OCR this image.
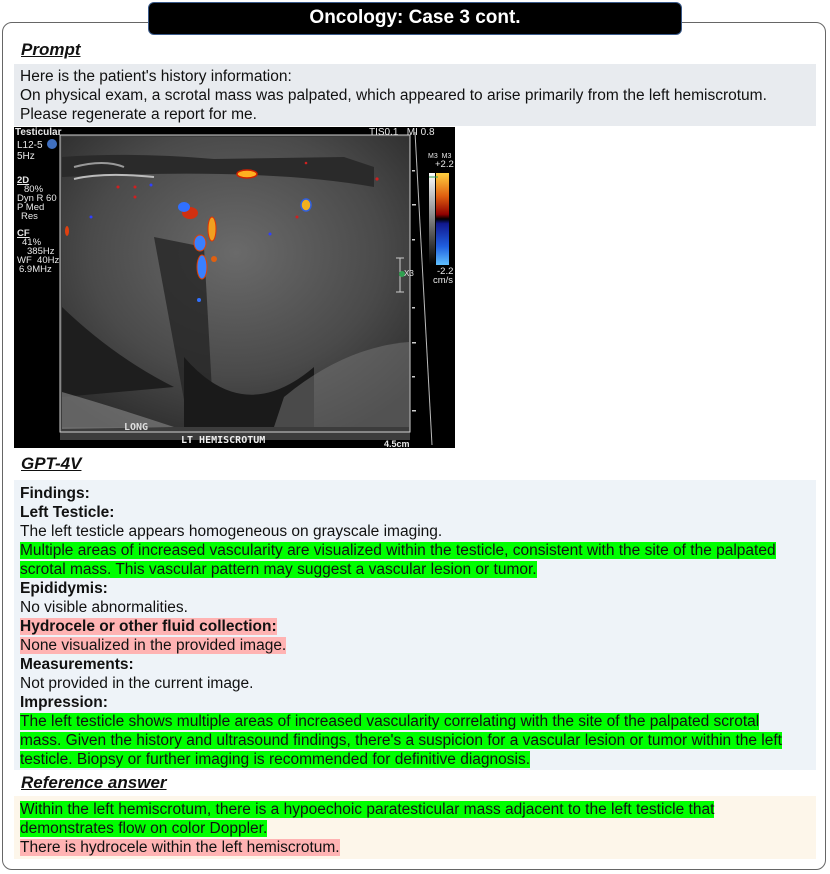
Oncology: Case 3 cont.
Prompt
Here is the patient's history information:
On physical exam, a scrotal mass was palpated, which appeared to arise primarily from the left hemiscrotum.
Please regenerate a report for me.
Testicular
L12-5
5Hz
2D
80%
Dyn R 60
P Med
Res
CF
41%
385Hz
WF  40Hz
6.9MHz
TIS0.1   MI 0.8
M3  M3
+2.2
-2.2
cm/s
X3
LONG
LT HEMISCROTUM	4.5cm
GPT-4V
Findings:
Left Testicle:
The left testicle appears homogeneous on grayscale imaging.
Multiple areas of increased vascularity are visualized within the testicle, consistent with the site of the palpated
scrotal mass. This vascular pattern may suggest a vascular lesion or tumor.
Epididymis:
No visible abnormalities.
Hydrocele or other fluid collection:
None visualized in the provided image.
Measurements:
Not provided in the current image.
Impression:
The left testicle shows multiple areas of increased vascularity correlating with the site of the palpated scrotal
mass. Given the history and ultrasound findings, there's a suspicion for a vascular lesion or tumor within the left
testicle. Biopsy or further imaging is recommended for definitive diagnosis.
Reference answer
Within the left hemiscrotum, there is a hypoechoic paratesticular mass adjacent to the left testicle that
demonstrates flow on color Doppler.
There is hydrocele within the left hemiscrotum.
